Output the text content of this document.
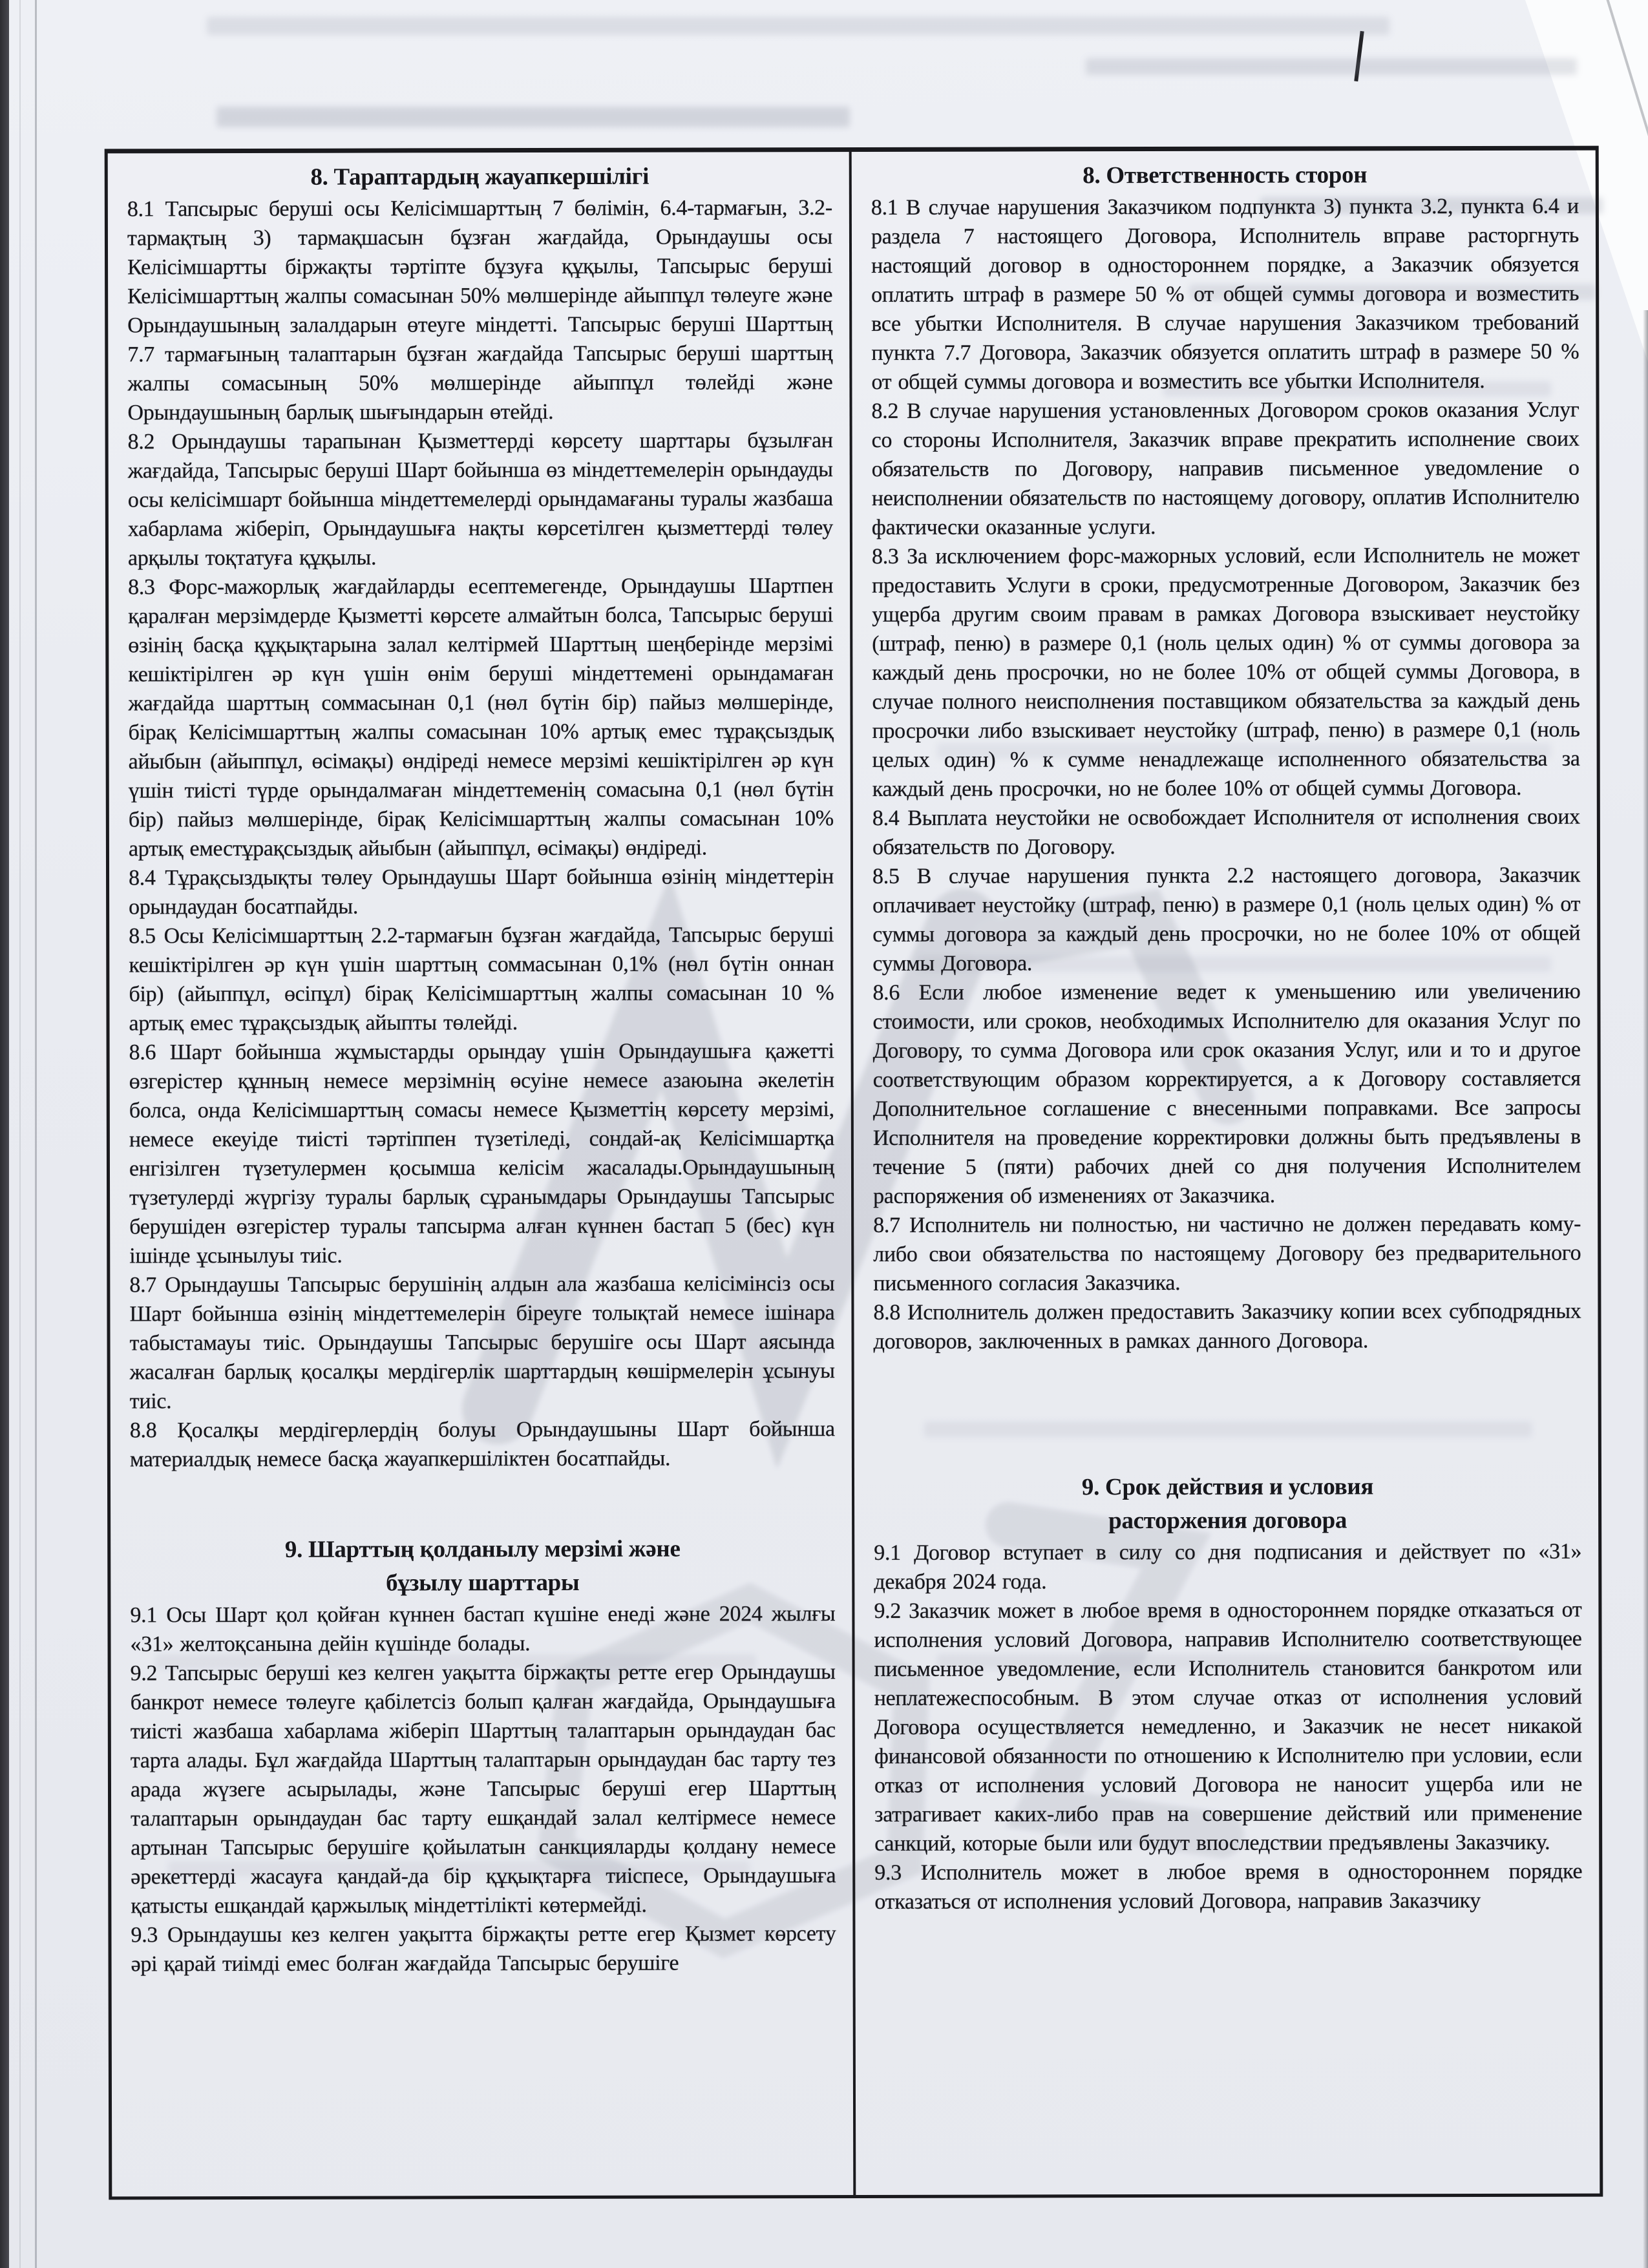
8. Тараптардың жауапкершілігі

8.1 Тапсырыс беруші осы Келісімшарттың 7 бөлімін, 6.4-тармағын, 3.2-тармақтың 3) тармақшасын бұзған жағдайда, Орындаушы осы Келісімшартты біржақты тәртіпте бұзуға құқылы, Тапсырыс беруші Келісімшарттың жалпы сомасынан 50% мөлшерінде айыппұл төлеуге және Орындаушының залалдарын өтеуге міндетті. Тапсырыс беруші Шарттың 7.7 тармағының талаптарын бұзған жағдайда Тапсырыс беруші шарттың жалпы сомасының 50% мөлшерінде айыппұл төлейді және Орындаушының барлық шығындарын өтейді.

8.2 Орындаушы тарапынан Қызметтерді көрсету шарттары бұзылған жағдайда, Тапсырыс беруші Шарт бойынша өз міндеттемелерін орындауды осы келісімшарт бойынша міндеттемелерді орындамағаны туралы жазбаша хабарлама жіберіп, Орындаушыға нақты көрсетілген қызметтерді төлеу арқылы тоқтатуға құқылы.

8.3 Форс-мажорлық жағдайларды есептемегенде, Орындаушы Шартпен қаралған мерзімдерде Қызметті көрсете алмайтын болса, Тапсырыс беруші өзінің басқа құқықтарына залал келтірмей Шарттың шеңберінде мерзімі кешіктірілген әр күн үшін өнім беруші міндеттемені орындамаған жағдайда шарттың соммасынан 0,1 (нөл бүтін бір) пайыз мөлшерінде, бірақ Келісімшарттың жалпы сомасынан 10% артық емес тұрақсыздық айыбын (айыппұл, өсімақы) өндіреді немесе мерзімі кешіктірілген әр күн үшін тиісті түрде орындалмаған міндеттеменің сомасына 0,1 (нөл бүтін бір) пайыз мөлшерінде, бірақ Келісімшарттың жалпы сомасынан 10% артық еместұрақсыздық айыбын (айыппұл, өсімақы) өндіреді.

8.4 Тұрақсыздықты төлеу Орындаушы Шарт бойынша өзінің міндеттерін орындаудан босатпайды.

8.5 Осы Келісімшарттың 2.2-тармағын бұзған жағдайда, Тапсырыс беруші кешіктірілген әр күн үшін шарттың соммасынан 0,1% (нөл бүтін оннан бір) (айыппұл, өсіпұл) бірақ Келісімшарттың жалпы сомасынан 10 % артық емес тұрақсыздық айыпты төлейді.

8.6 Шарт бойынша жұмыстарды орындау үшін Орындаушыға қажетті өзгерістер құнның немесе мерзімнің өсуіне немесе азаюына әкелетін болса, онда Келісімшарттың сомасы немесе Қызметтің көрсету мерзімі, немесе екеуіде тиісті тәртіппен түзетіледі, сондай-ақ Келісімшартқа енгізілген түзетулермен қосымша келісім жасалады.Орындаушының түзетулерді жүргізу туралы барлық сұранымдары Орындаушы Тапсырыс берушіден өзгерістер туралы тапсырма алған күннен бастап 5 (бес) күн ішінде ұсынылуы тиіс.

8.7 Орындаушы Тапсырыс берушінің алдын ала жазбаша келісімінсіз осы Шарт бойынша өзінің міндеттемелерін біреуге толықтай немесе ішінара табыстамауы тиіс. Орындаушы Тапсырыс берушіге осы Шарт аясында жасалған барлық қосалқы мердігерлік шарттардың көшірмелерін ұсынуы тиіс.

8.8 Қосалқы мердігерлердің болуы Орындаушыны Шарт бойынша материалдық немесе басқа жауапкершіліктен босатпайды.

9. Шарттың қолданылу мерзімі және
бұзылу шарттары

9.1 Осы Шарт қол қойған күннен бастап күшіне енеді және 2024 жылғы «31» желтоқсанына дейін күшінде болады.

9.2 Тапсырыс беруші кез келген уақытта біржақты ретте егер Орындаушы банкрот немесе төлеуге қабілетсіз болып қалған жағдайда, Орындаушыға тиісті жазбаша хабарлама жіберіп Шарттың талаптарын орындаудан бас тарта алады. Бұл жағдайда Шарттың талаптарын орындаудан бас тарту тез арада жүзеге асырылады, және Тапсырыс беруші егер Шарттың талаптарын орындаудан бас тарту ешқандай залал келтірмесе немесе артынан Тапсырыс берушіге қойылатын санкцияларды қолдану немесе әрекеттерді жасауға қандай-да бір құқықтарға тиіспесе, Орындаушыға қатысты ешқандай қаржылық міндеттілікті көтермейді.

9.3 Орындаушы кез келген уақытта біржақты ретте егер Қызмет көрсету әрі қарай тиімді емес болған жағдайда Тапсырыс берушіге

8. Ответственность сторон

8.1 В случае нарушения Заказчиком подпункта 3) пункта 3.2, пункта 6.4 и раздела 7 настоящего Договора, Исполнитель вправе расторгнуть настоящий договор в одностороннем порядке, а Заказчик обязуется оплатить штраф в размере 50 % от общей суммы договора и возместить все убытки Исполнителя. В случае нарушения Заказчиком требований пункта 7.7 Договора, Заказчик обязуется оплатить штраф в размере 50 % от общей суммы договора и возместить все убытки Исполнителя.

8.2 В случае нарушения установленных Договором сроков оказания Услуг со стороны Исполнителя, Заказчик вправе прекратить исполнение своих обязательств по Договору, направив письменное уведомление о неисполнении обязательств по настоящему договору, оплатив Исполнителю фактически оказанные услуги.

8.3 За исключением форс-мажорных условий, если Исполнитель не может предоставить Услуги в сроки, предусмотренные Договором, Заказчик без ущерба другим своим правам в рамках Договора взыскивает неустойку (штраф, пеню) в размере 0,1 (ноль целых один) % от суммы договора за каждый день просрочки, но не более 10% от общей суммы Договора, в случае полного неисполнения поставщиком обязательства за каждый день просрочки либо взыскивает неустойку (штраф, пеню) в размере 0,1 (ноль целых один) % к сумме ненадлежаще исполненного обязательства за каждый день просрочки, но не более 10% от общей суммы Договора.

8.4 Выплата неустойки не освобождает Исполнителя от исполнения своих обязательств по Договору.

8.5 В случае нарушения пункта 2.2 настоящего договора, Заказчик оплачивает неустойку (штраф, пеню) в размере 0,1 (ноль целых один) % от суммы договора за каждый день просрочки, но не более 10% от общей суммы Договора.

8.6 Если любое изменение ведет к уменьшению или увеличению стоимости, или сроков, необходимых Исполнителю для оказания Услуг по Договору, то сумма Договора или срок оказания Услуг, или и то и другое соответствующим образом корректируется, а к Договору составляется Дополнительное соглашение с внесенными поправками. Все запросы Исполнителя на проведение корректировки должны быть предъявлены в течение 5 (пяти) рабочих дней со дня получения Исполнителем распоряжения об изменениях от Заказчика.

8.7 Исполнитель ни полностью, ни частично не должен передавать кому-либо свои обязательства по настоящему Договору без предварительного письменного согласия Заказчика.

8.8 Исполнитель должен предоставить Заказчику копии всех субподрядных договоров, заключенных в рамках данного Договора.

9. Срок действия и условия
расторжения договора

9.1 Договор вступает в силу со дня подписания и действует по «31» декабря 2024 года.

9.2 Заказчик может в любое время в одностороннем порядке отказаться от исполнения условий Договора, направив Исполнителю соответствующее письменное уведомление, если Исполнитель становится банкротом или неплатежеспособным. В этом случае отказ от исполнения условий Договора осуществляется немедленно, и Заказчик не несет никакой финансовой обязанности по отношению к Исполнителю при условии, если отказ от исполнения условий Договора не наносит ущерба или не затрагивает каких-либо прав на совершение действий или применение санкций, которые были или будут впоследствии предъявлены Заказчику.

9.3 Исполнитель может в любое время в одностороннем порядке отказаться от исполнения условий Договора, направив Заказчику
